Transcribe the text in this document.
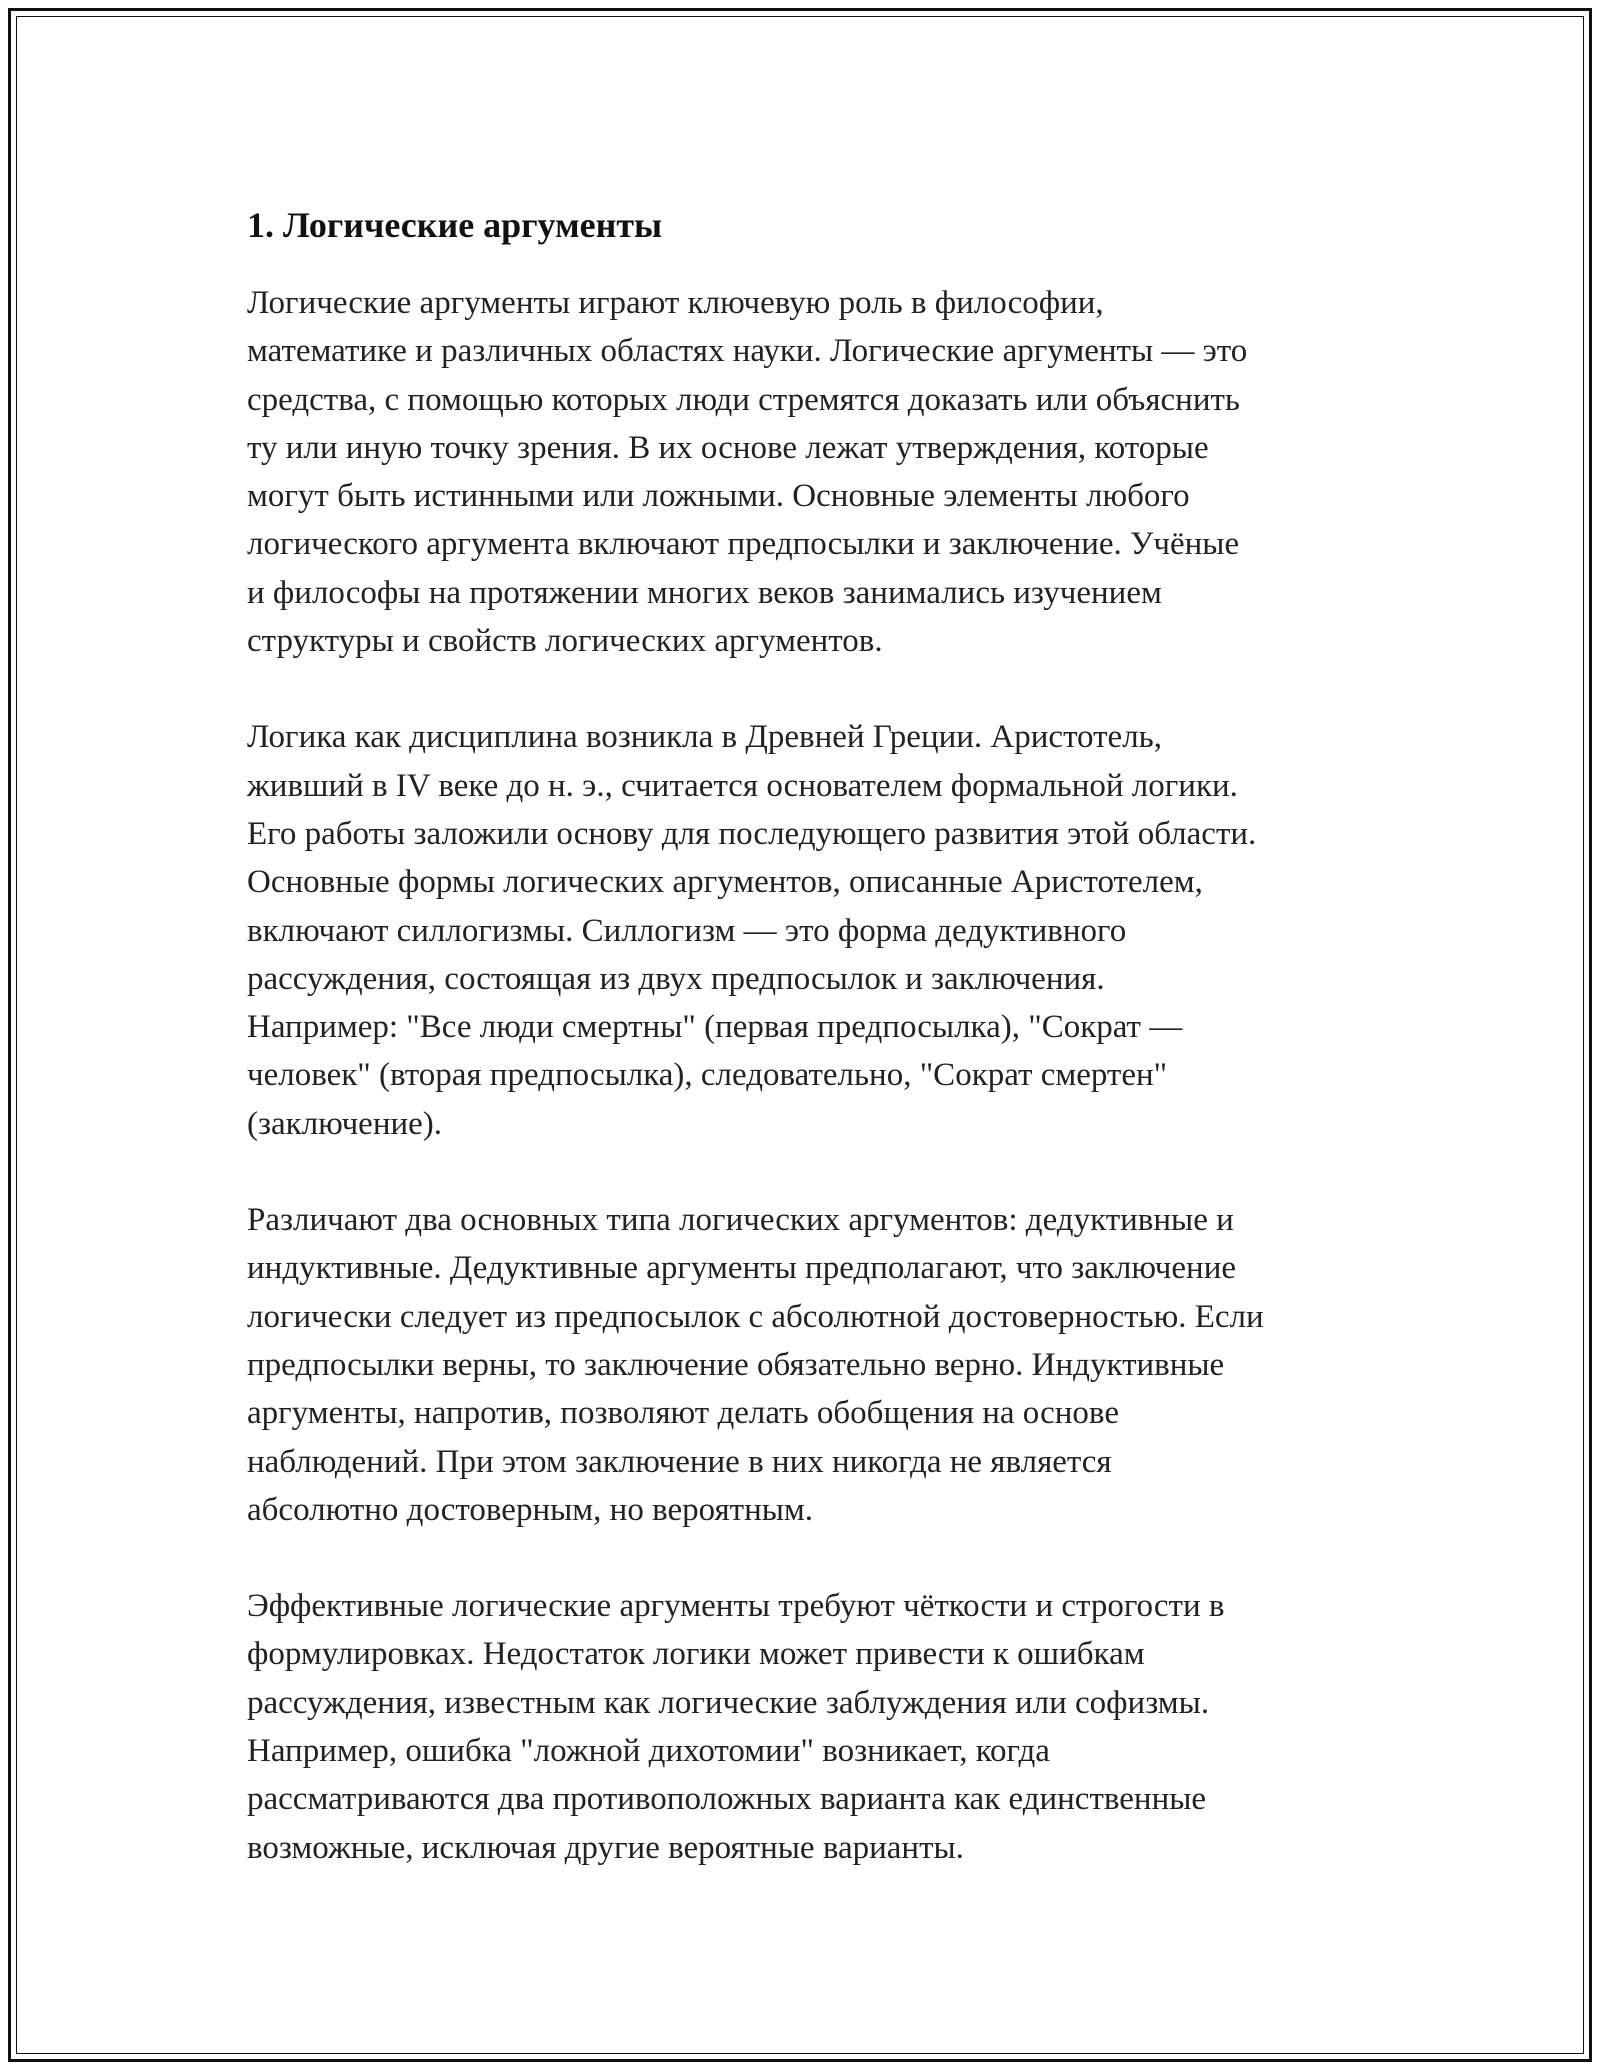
1. Логические аргументы

Логические аргументы играют ключевую роль в философии,
математике и различных областях науки. Логические аргументы — это
средства, с помощью которых люди стремятся доказать или объяснить
ту или иную точку зрения. В их основе лежат утверждения, которые
могут быть истинными или ложными. Основные элементы любого
логического аргумента включают предпосылки и заключение. Учёные
и философы на протяжении многих веков занимались изучением
структуры и свойств логических аргументов.

Логика как дисциплина возникла в Древней Греции. Аристотель,
живший в IV веке до н. э., считается основателем формальной логики.
Его работы заложили основу для последующего развития этой области.
Основные формы логических аргументов, описанные Аристотелем,
включают силлогизмы. Силлогизм — это форма дедуктивного
рассуждения, состоящая из двух предпосылок и заключения.
Например: "Все люди смертны" (первая предпосылка), "Сократ —
человек" (вторая предпосылка), следовательно, "Сократ смертен"
(заключение).

Различают два основных типа логических аргументов: дедуктивные и
индуктивные. Дедуктивные аргументы предполагают, что заключение
логически следует из предпосылок с абсолютной достоверностью. Если
предпосылки верны, то заключение обязательно верно. Индуктивные
аргументы, напротив, позволяют делать обобщения на основе
наблюдений. При этом заключение в них никогда не является
абсолютно достоверным, но вероятным.

Эффективные логические аргументы требуют чёткости и строгости в
формулировках. Недостаток логики может привести к ошибкам
рассуждения, известным как логические заблуждения или софизмы.
Например, ошибка "ложной дихотомии" возникает, когда
рассматриваются два противоположных варианта как единственные
возможные, исключая другие вероятные варианты.
